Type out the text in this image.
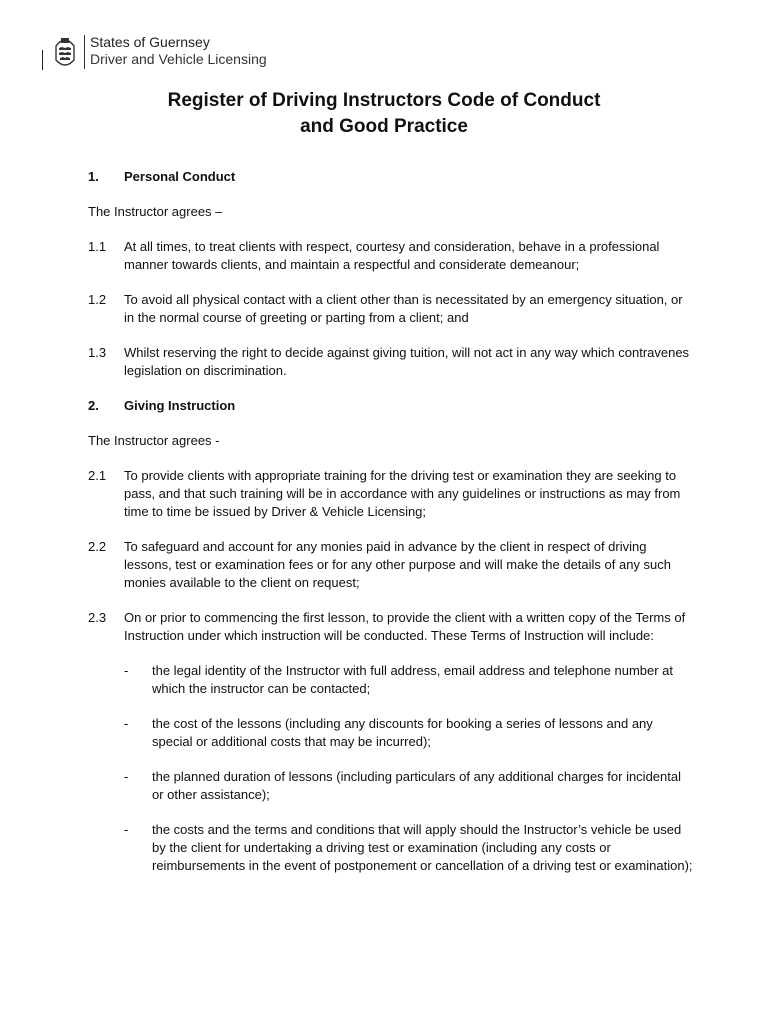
States of Guernsey
Driver and Vehicle Licensing
Register of Driving Instructors Code of Conduct
and Good Practice
1.	Personal Conduct
The Instructor agrees –
1.1	At all times, to treat clients with respect, courtesy and consideration, behave in a professional manner towards clients, and maintain a respectful and considerate demeanour;
1.2	To avoid all physical contact with a client other than is necessitated by an emergency situation, or in the normal course of greeting or parting from a client; and
1.3	Whilst reserving the right to decide against giving tuition, will not act in any way which contravenes legislation on discrimination.
2.	Giving Instruction
The Instructor agrees -
2.1	To provide clients with appropriate training for the driving test or examination they are seeking to pass, and that such training will be in accordance with any guidelines or instructions as may from time to time be issued by Driver & Vehicle Licensing;
2.2	To safeguard and account for any monies paid in advance by the client in respect of driving lessons, test or examination fees or for any other purpose and will make the details of any such monies available to the client on request;
2.3	On or prior to commencing the first lesson, to provide the client with a written copy of the Terms of Instruction under which instruction will be conducted. These Terms of Instruction will include:
-	the legal identity of the Instructor with full address, email address and telephone number at which the instructor can be contacted;
-	the cost of the lessons (including any discounts for booking a series of lessons and any special or additional costs that may be incurred);
-	the planned duration of lessons (including particulars of any additional charges for incidental or other assistance);
-	the costs and the terms and conditions that will apply should the Instructor’s vehicle be used by the client for undertaking a driving test or examination (including any costs or reimbursements in the event of postponement or cancellation of a driving test or examination);
